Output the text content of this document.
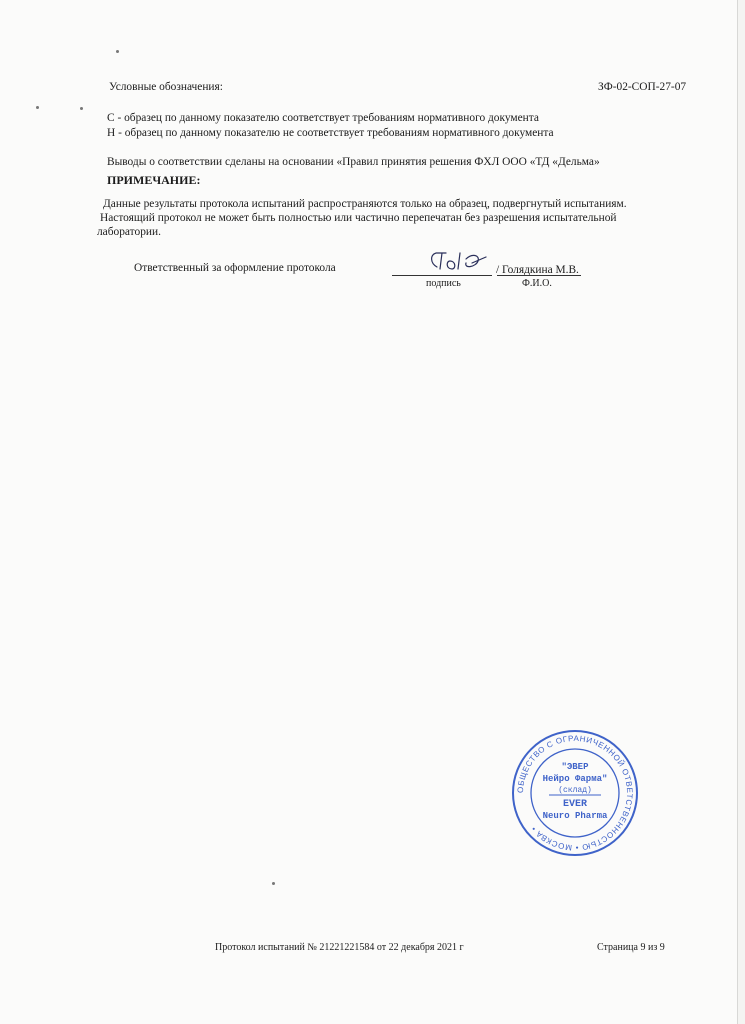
Условные обозначения:	ЗФ-02-СОП-27-07
С - образец по данному показателю соответствует требованиям нормативного документа
Н - образец по данному показателю не соответствует требованиям нормативного документа
Выводы о соответствии сделаны на основании «Правил принятия решения ФХЛ ООО «ТД «Дельма»
ПРИМЕЧАНИЕ:
Данные результаты протокола испытаний распространяются только на образец, подвергнутый испытаниям.
Настоящий протокол не может быть полностью или частично перепечатан без разрешения испытательной
лаборатории.
Ответственный за оформление протокола	/ Голядкина М.В.
подпись	Ф.И.О.
ОБЩЕСТВО С ОГРАНИЧЕННОЙ ОТВЕТСТВЕННОСТЬЮ • МОСКВА •
"ЭВЕР
Нейро Фарма"
(склад)
EVER
Neuro Pharma
Протокол испытаний № 21221221584 от 22 декабря 2021 г	Страница 9 из 9
